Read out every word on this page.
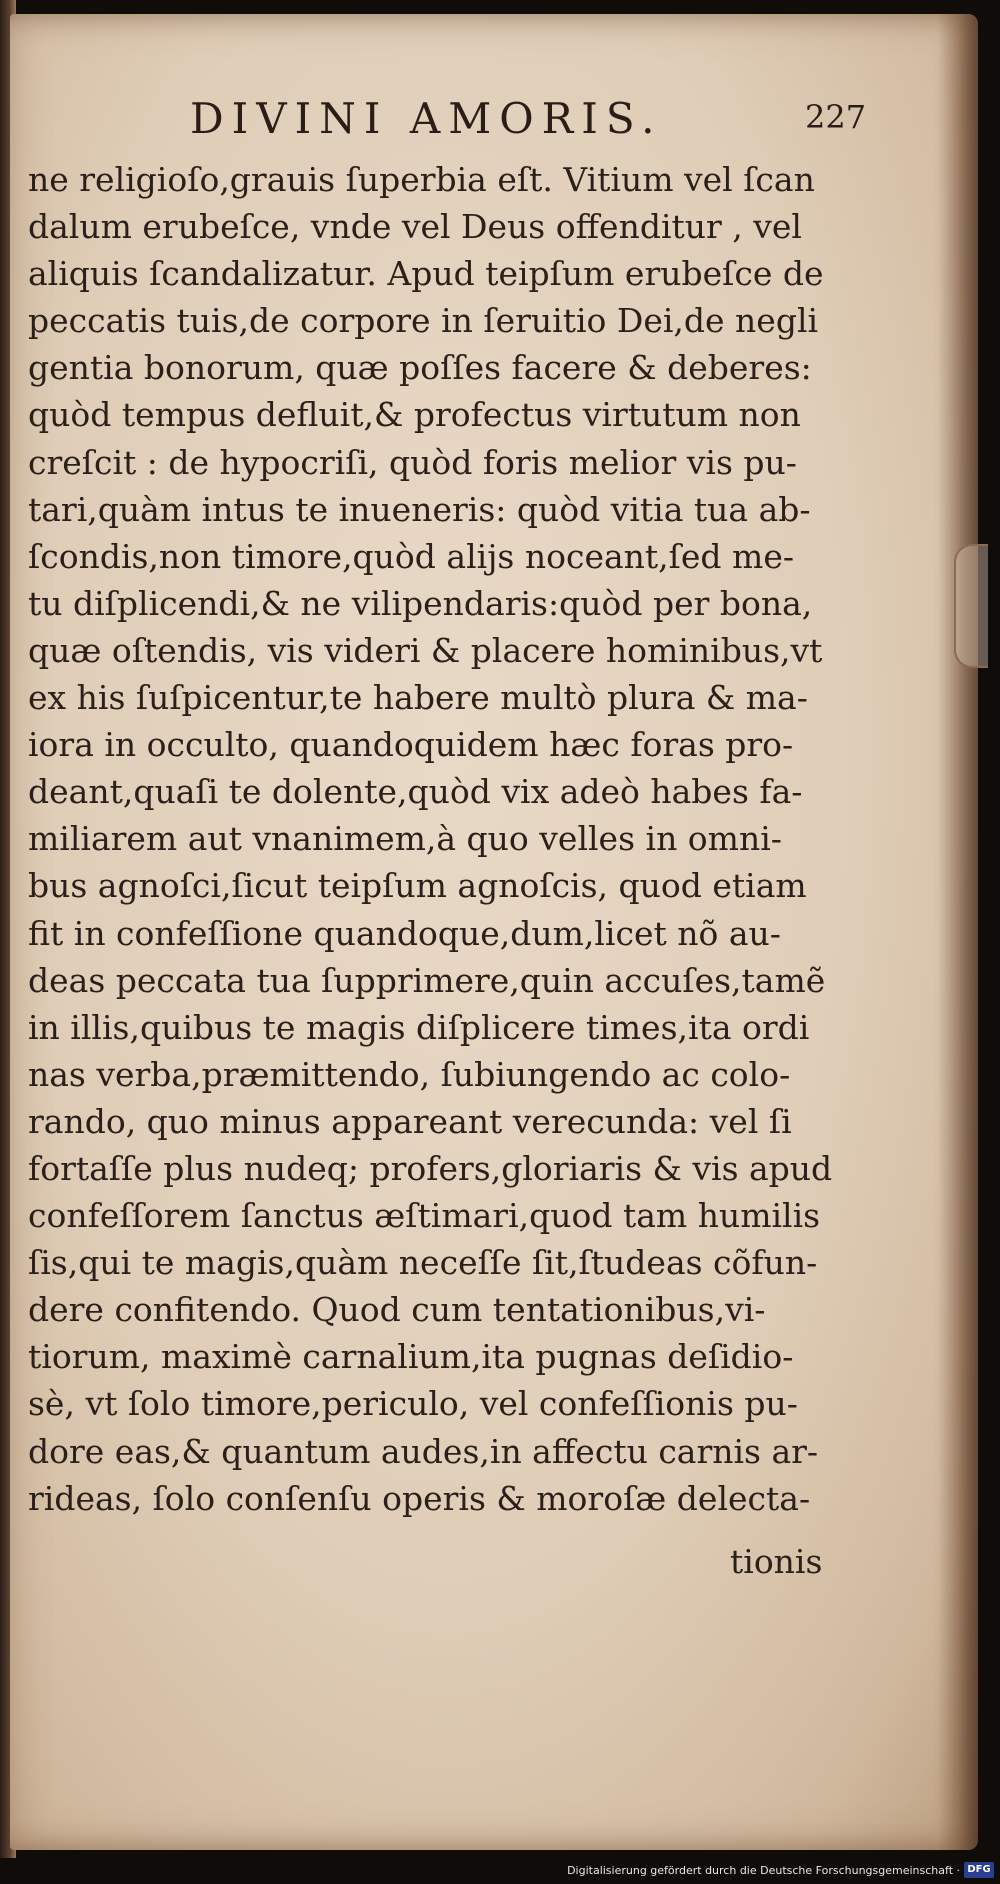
DIVINI AMORIS.	227
ne religioſo,grauis ſuperbia eſt. Vitium vel ſcan
dalum erubeſce, vnde vel Deus offenditur , vel
aliquis ſcandalizatur. Apud teipſum erubeſce de
peccatis tuis,de corpore in ſeruitio Dei,de negli
gentia bonorum, quæ poſſes facere & deberes:
quòd tempus defluit,& profectus virtutum non
creſcit : de hypocriſi, quòd foris melior vis pu-
tari,quàm intus te inueneris: quòd vitia tua ab-
ſcondis,non timore,quòd alijs noceant,ſed me-
tu diſplicendi,& ne vilipendaris:quòd per bona,
quæ oſtendis, vis videri & placere hominibus,vt
ex his ſuſpicentur,te habere multò plura & ma-
iora in occulto, quandoquidem hæc foras pro-
deant,quaſi te dolente,quòd vix adeò habes fa-
miliarem aut vnanimem,à quo velles in omni-
bus agnoſci,ſicut teipſum agnoſcis, quod etiam
fit in confeſſione quandoque,dum,licet nõ au-
deas peccata tua ſupprimere,quin accuſes,tamẽ
in illis,quibus te magis diſplicere times,ita ordi
nas verba,præmittendo, ſubiungendo ac colo-
rando, quo minus appareant verecunda: vel ſi
fortaſſe plus nudeq; profers,gloriaris & vis apud
confeſſorem ſanctus æſtimari,quod tam humilis
ſis,qui te magis,quàm neceſſe ſit,ſtudeas cõfun-
dere confitendo. Quod cum tentationibus,vi-
tiorum, maximè carnalium,ita pugnas deſidio-
sè, vt ſolo timore,periculo, vel confeſſionis pu-
dore eas,& quantum audes,in affectu carnis ar-
rideas, ſolo conſenſu operis & moroſæ delecta-
tionis
Digitalisierung gefördert durch die Deutsche Forschungsgemeinschaft · DFG
